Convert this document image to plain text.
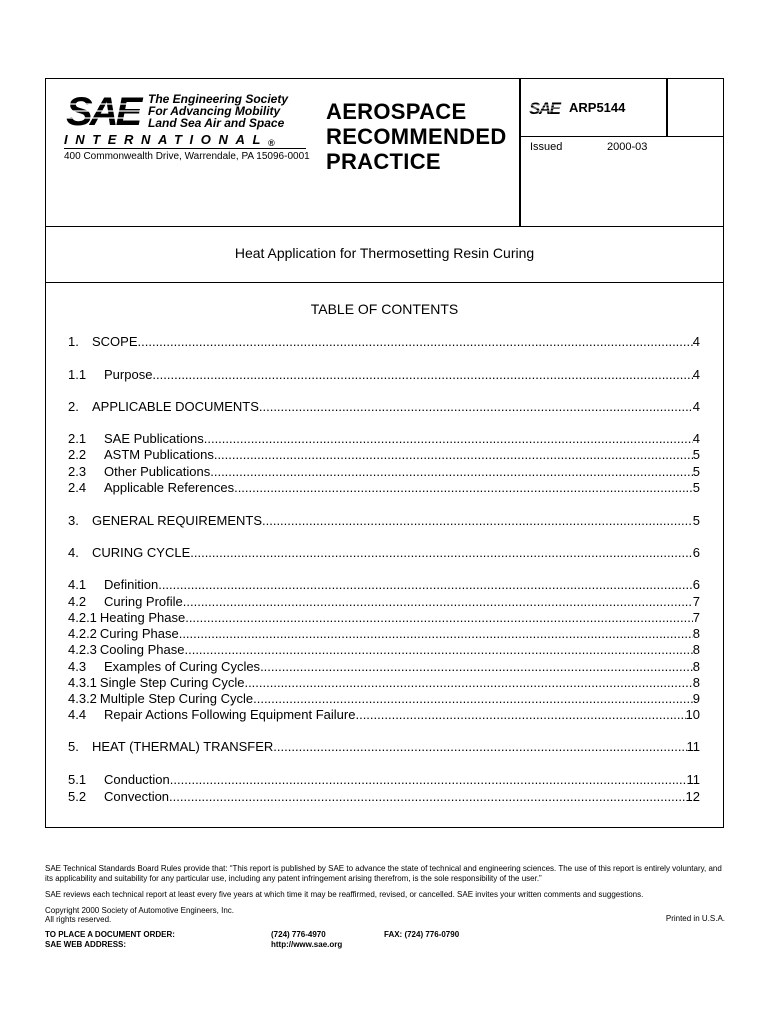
SAE The Engineering Society
For Advancing Mobility
Land Sea Air and Space
INTERNATIONAL®
400 Commonwealth Drive, Warrendale, PA 15096-0001
AEROSPACE
RECOMMENDED
PRACTICE
SAE ARP5144
Issued	2000-03
Heat Application for Thermosetting Resin Curing
TABLE OF CONTENTS
1.	SCOPE .....	4
1.1	Purpose .....	4
2.	APPLICABLE DOCUMENTS .....	4
2.1	SAE Publications .....	4
2.2	ASTM Publications .....	5
2.3	Other Publications .....	5
2.4	Applicable References .....	5
3.	GENERAL REQUIREMENTS .....	5
4.	CURING CYCLE .....	6
4.1	Definition .....	6
4.2	Curing Profile .....	7
4.2.1 Heating Phase .....	7
4.2.2 Curing Phase .....	8
4.2.3 Cooling Phase .....	8
4.3	Examples of Curing Cycles .....	8
4.3.1 Single Step Curing Cycle .....	8
4.3.2 Multiple Step Curing Cycle .....	9
4.4	Repair Actions Following Equipment Failure .....	10
5.	HEAT (THERMAL) TRANSFER .....	11
5.1	Conduction .....	11
5.2	Convection .....	12
SAE Technical Standards Board Rules provide that: “This report is published by SAE to advance the state of technical and engineering sciences. The use of this report is entirely voluntary, and its applicability and suitability for any particular use, including any patent infringement arising therefrom, is the sole responsibility of the user.”
SAE reviews each technical report at least every five years at which time it may be reaffirmed, revised, or cancelled. SAE invites your written comments and suggestions.
Copyright 2000 Society of Automotive Engineers, Inc.
All rights reserved.	Printed in U.S.A.
TO PLACE A DOCUMENT ORDER:	(724) 776-4970	FAX: (724) 776-0790
SAE WEB ADDRESS:	http://www.sae.org
